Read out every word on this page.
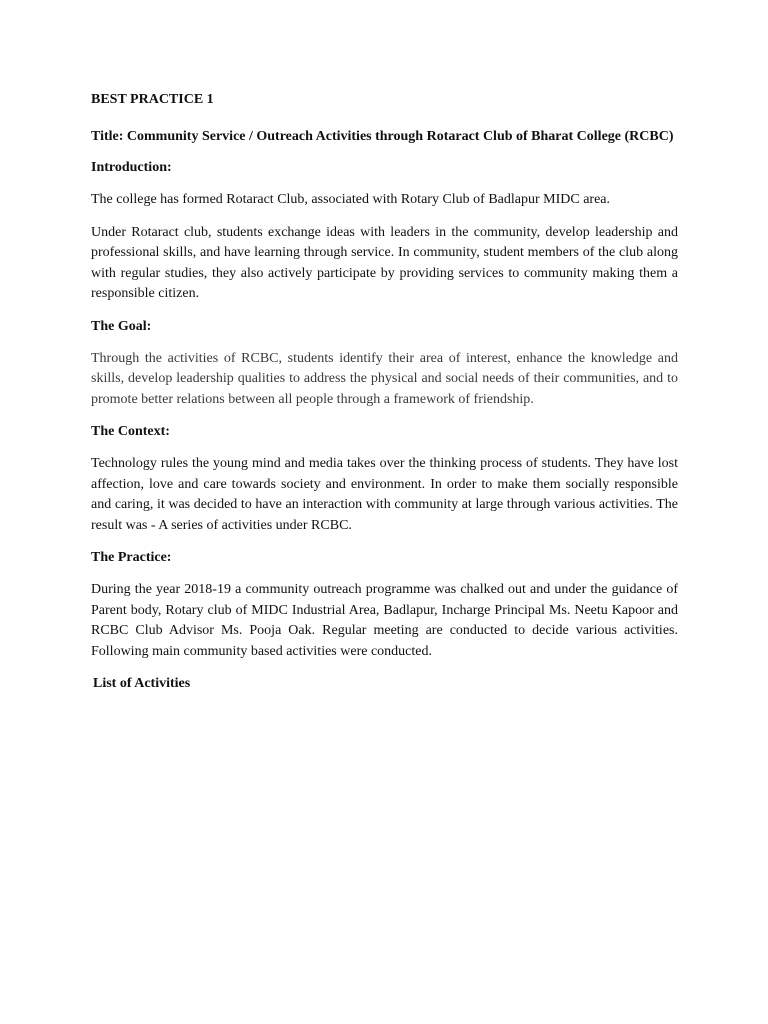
BEST PRACTICE 1
Title: Community Service / Outreach Activities through Rotaract Club of Bharat College (RCBC)
Introduction:

The college has formed Rotaract Club, associated with Rotary Club of Badlapur MIDC area.

Under Rotaract club, students exchange ideas with leaders in the community, develop leadership and professional skills, and have learning through service. In community, student members of the club along with regular studies, they also actively participate by providing services to community making them a responsible citizen.

The Goal:

Through the activities of RCBC, students identify their area of interest, enhance the knowledge and skills, develop leadership qualities to address the physical and social needs of their communities, and to promote better relations between all people through a framework of friendship.

The Context:

Technology rules the young mind and media takes over the thinking process of students. They have lost affection, love and care towards society and environment. In order to make them socially responsible and caring, it was decided to have an interaction with community at large through various activities. The result was - A series of activities under RCBC.

The Practice:

During the year 2018-19 a community outreach programme was chalked out and under the guidance of Parent body, Rotary club of MIDC Industrial Area, Badlapur, Incharge Principal Ms. Neetu Kapoor and RCBC Club Advisor Ms. Pooja Oak. Regular meeting are conducted to decide various activities. Following main community based activities were conducted.

List of Activities
